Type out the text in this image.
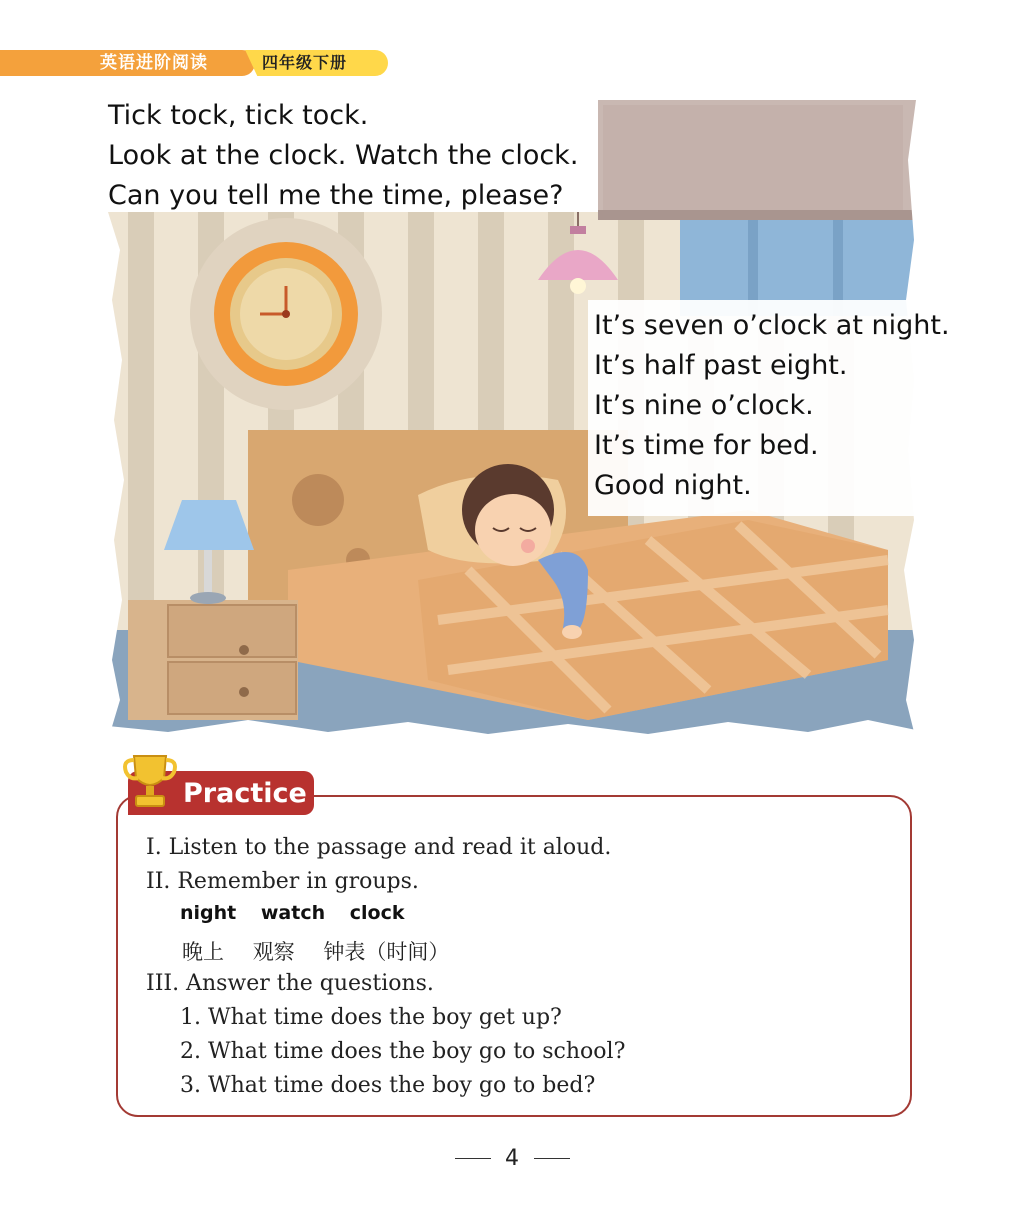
英语进阶阅读	四年级下册
Tick tock, tick tock.
Look at the clock. Watch the clock.
Can you tell me the time, please?
It’s seven o’clock at night.
It’s half past eight.
It’s nine o’clock.
It’s time for bed.
Good night.
Practice
I. Listen to the passage and read it aloud.
II. Remember in groups.
night watch clock
晚上 观察 钟表（时间）
III. Answer the questions.
1. What time does the boy get up?
2. What time does the boy go to school?
3. What time does the boy go to bed?
4
